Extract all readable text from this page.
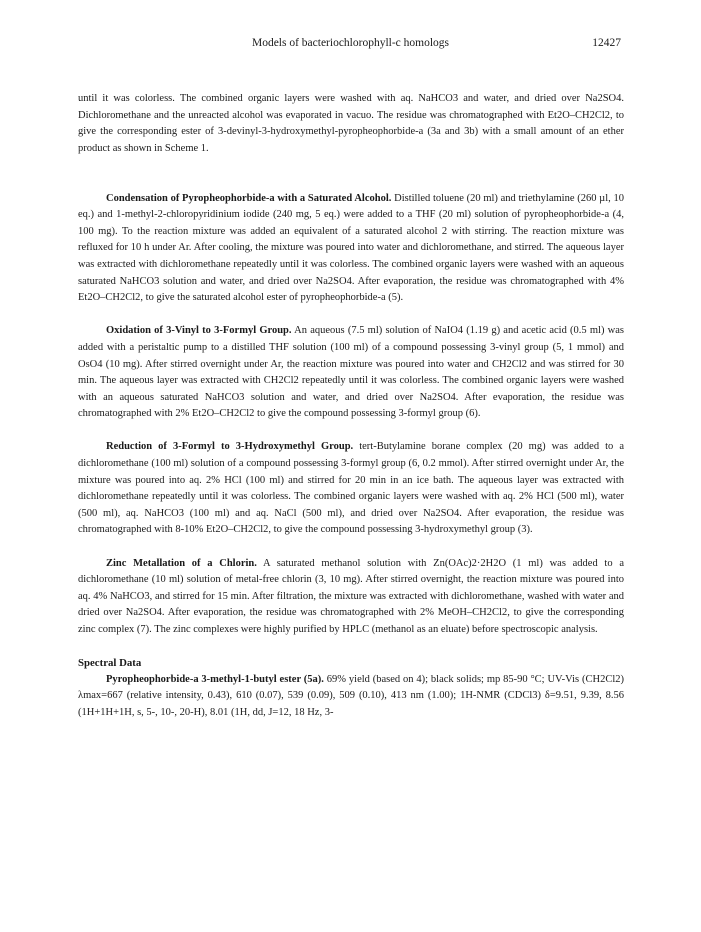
Models of bacteriochlorophyll-c homologs	12427

until it was colorless. The combined organic layers were washed with aq. NaHCO3 and water, and dried over Na2SO4. Dichloromethane and the unreacted alcohol was evaporated in vacuo. The residue was chromatographed with Et2O–CH2Cl2, to give the corresponding ester of 3-devinyl-3-hydroxymethyl-pyropheophorbide-a (3a and 3b) with a small amount of an ether product as shown in Scheme 1.

Condensation of Pyropheophorbide-a with a Saturated Alcohol. Distilled toluene (20 ml) and triethylamine (260 µl, 10 eq.) and 1-methyl-2-chloropyridinium iodide (240 mg, 5 eq.) were added to a THF (20 ml) solution of pyropheophorbide-a (4, 100 mg). To the reaction mixture was added an equivalent of a saturated alcohol 2 with stirring. The reaction mixture was refluxed for 10 h under Ar. After cooling, the mixture was poured into water and dichloromethane, and stirred. The aqueous layer was extracted with dichloromethane repeatedly until it was colorless. The combined organic layers were washed with an aqueous saturated NaHCO3 solution and water, and dried over Na2SO4. After evaporation, the residue was chromatographed with 4% Et2O–CH2Cl2, to give the saturated alcohol ester of pyropheophorbide-a (5).

Oxidation of 3-Vinyl to 3-Formyl Group. An aqueous (7.5 ml) solution of NaIO4 (1.19 g) and acetic acid (0.5 ml) was added with a peristaltic pump to a distilled THF solution (100 ml) of a compound possessing 3-vinyl group (5, 1 mmol) and OsO4 (10 mg). After stirred overnight under Ar, the reaction mixture was poured into water and CH2Cl2 and was stirred for 30 min. The aqueous layer was extracted with CH2Cl2 repeatedly until it was colorless. The combined organic layers were washed with an aqueous saturated NaHCO3 solution and water, and dried over Na2SO4. After evaporation, the residue was chromatographed with 2% Et2O–CH2Cl2 to give the compound possessing 3-formyl group (6).

Reduction of 3-Formyl to 3-Hydroxymethyl Group. tert-Butylamine borane complex (20 mg) was added to a dichloromethane (100 ml) solution of a compound possessing 3-formyl group (6, 0.2 mmol). After stirred overnight under Ar, the mixture was poured into aq. 2% HCl (100 ml) and stirred for 20 min in an ice bath. The aqueous layer was extracted with dichloromethane repeatedly until it was colorless. The combined organic layers were washed with aq. 2% HCl (500 ml), water (500 ml), aq. NaHCO3 (100 ml) and aq. NaCl (500 ml), and dried over Na2SO4. After evaporation, the residue was chromatographed with 8-10% Et2O–CH2Cl2, to give the compound possessing 3-hydroxymethyl group (3).

Zinc Metallation of a Chlorin. A saturated methanol solution with Zn(OAc)2·2H2O (1 ml) was added to a dichloromethane (10 ml) solution of metal-free chlorin (3, 10 mg). After stirred overnight, the reaction mixture was poured into aq. 4% NaHCO3, and stirred for 15 min. After filtration, the mixture was extracted with dichloromethane, washed with water and dried over Na2SO4. After evaporation, the residue was chromatographed with 2% MeOH–CH2Cl2, to give the corresponding zinc complex (7). The zinc complexes were highly purified by HPLC (methanol as an eluate) before spectroscopic analysis.

Spectral Data

Pyropheophorbide-a 3-methyl-1-butyl ester (5a). 69% yield (based on 4); black solids; mp 85-90 °C; UV-Vis (CH2Cl2) λmax=667 (relative intensity, 0.43), 610 (0.07), 539 (0.09), 509 (0.10), 413 nm (1.00); 1H-NMR (CDCl3) δ=9.51, 9.39, 8.56 (1H+1H+1H, s, 5-, 10-, 20-H), 8.01 (1H, dd, J=12, 18 Hz, 3-
